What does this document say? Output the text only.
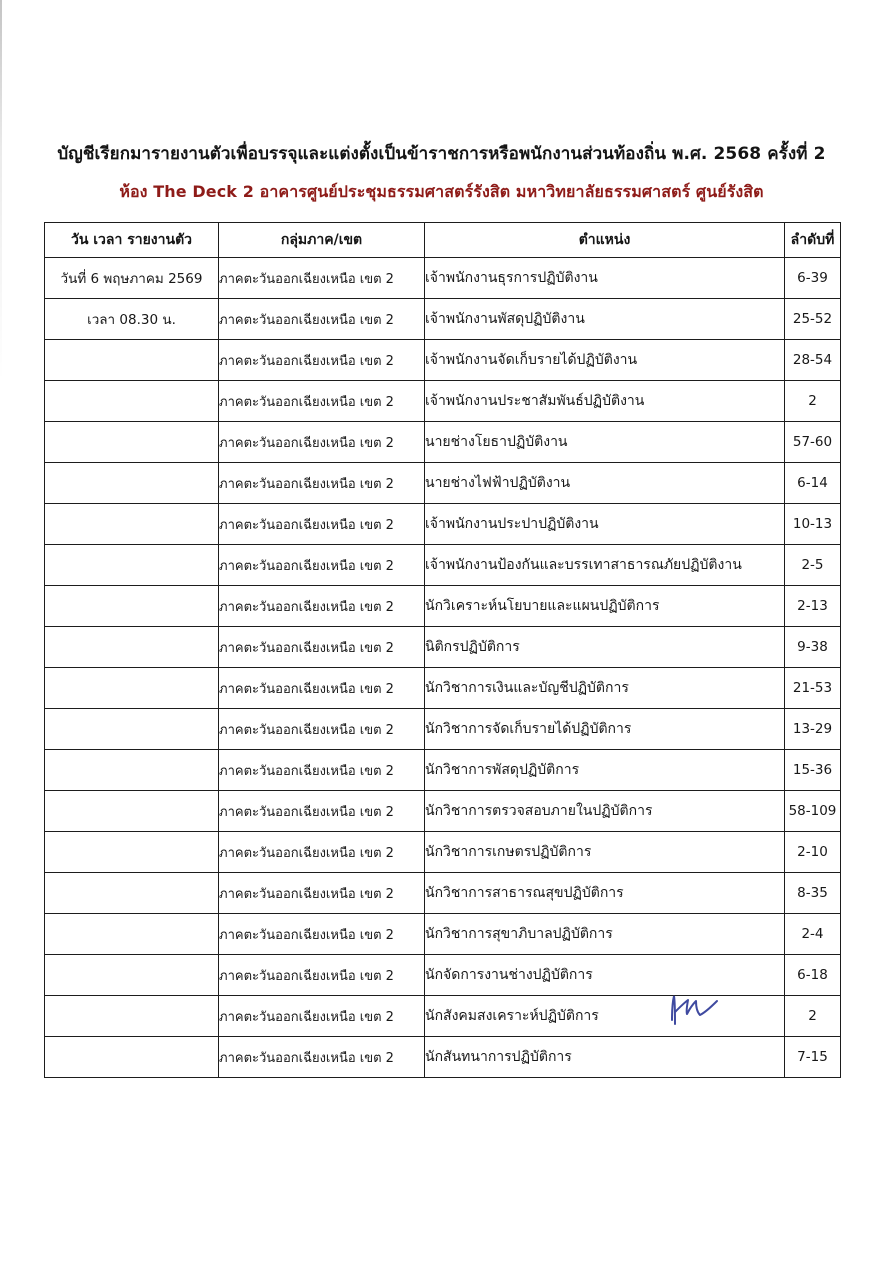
บัญชีเรียกมารายงานตัวเพื่อบรรจุและแต่งตั้งเป็นข้าราชการหรือพนักงานส่วนท้องถิ่น พ.ศ. 2568 ครั้งที่ 2
ห้อง The Deck 2 อาคารศูนย์ประชุมธรรมศาสตร์รังสิต มหาวิทยาลัยธรรมศาสตร์ ศูนย์รังสิต
วัน เวลา รายงานตัว	กลุ่มภาค/เขต	ตำแหน่ง	ลำดับที่
วันที่ 6 พฤษภาคม 2569	ภาคตะวันออกเฉียงเหนือ เขต 2	เจ้าพนักงานธุรการปฏิบัติงาน	6-39
เวลา 08.30 น.	ภาคตะวันออกเฉียงเหนือ เขต 2	เจ้าพนักงานพัสดุปฏิบัติงาน	25-52
	ภาคตะวันออกเฉียงเหนือ เขต 2	เจ้าพนักงานจัดเก็บรายได้ปฏิบัติงาน	28-54
	ภาคตะวันออกเฉียงเหนือ เขต 2	เจ้าพนักงานประชาสัมพันธ์ปฏิบัติงาน	2
	ภาคตะวันออกเฉียงเหนือ เขต 2	นายช่างโยธาปฏิบัติงาน	57-60
	ภาคตะวันออกเฉียงเหนือ เขต 2	นายช่างไฟฟ้าปฏิบัติงาน	6-14
	ภาคตะวันออกเฉียงเหนือ เขต 2	เจ้าพนักงานประปาปฏิบัติงาน	10-13
	ภาคตะวันออกเฉียงเหนือ เขต 2	เจ้าพนักงานป้องกันและบรรเทาสาธารณภัยปฏิบัติงาน	2-5
	ภาคตะวันออกเฉียงเหนือ เขต 2	นักวิเคราะห์นโยบายและแผนปฏิบัติการ	2-13
	ภาคตะวันออกเฉียงเหนือ เขต 2	นิติกรปฏิบัติการ	9-38
	ภาคตะวันออกเฉียงเหนือ เขต 2	นักวิชาการเงินและบัญชีปฏิบัติการ	21-53
	ภาคตะวันออกเฉียงเหนือ เขต 2	นักวิชาการจัดเก็บรายได้ปฏิบัติการ	13-29
	ภาคตะวันออกเฉียงเหนือ เขต 2	นักวิชาการพัสดุปฏิบัติการ	15-36
	ภาคตะวันออกเฉียงเหนือ เขต 2	นักวิชาการตรวจสอบภายในปฏิบัติการ	58-109
	ภาคตะวันออกเฉียงเหนือ เขต 2	นักวิชาการเกษตรปฏิบัติการ	2-10
	ภาคตะวันออกเฉียงเหนือ เขต 2	นักวิชาการสาธารณสุขปฏิบัติการ	8-35
	ภาคตะวันออกเฉียงเหนือ เขต 2	นักวิชาการสุขาภิบาลปฏิบัติการ	2-4
	ภาคตะวันออกเฉียงเหนือ เขต 2	นักจัดการงานช่างปฏิบัติการ	6-18
	ภาคตะวันออกเฉียงเหนือ เขต 2	นักสังคมสงเคราะห์ปฏิบัติการ	2
	ภาคตะวันออกเฉียงเหนือ เขต 2	นักสันทนาการปฏิบัติการ	7-15
